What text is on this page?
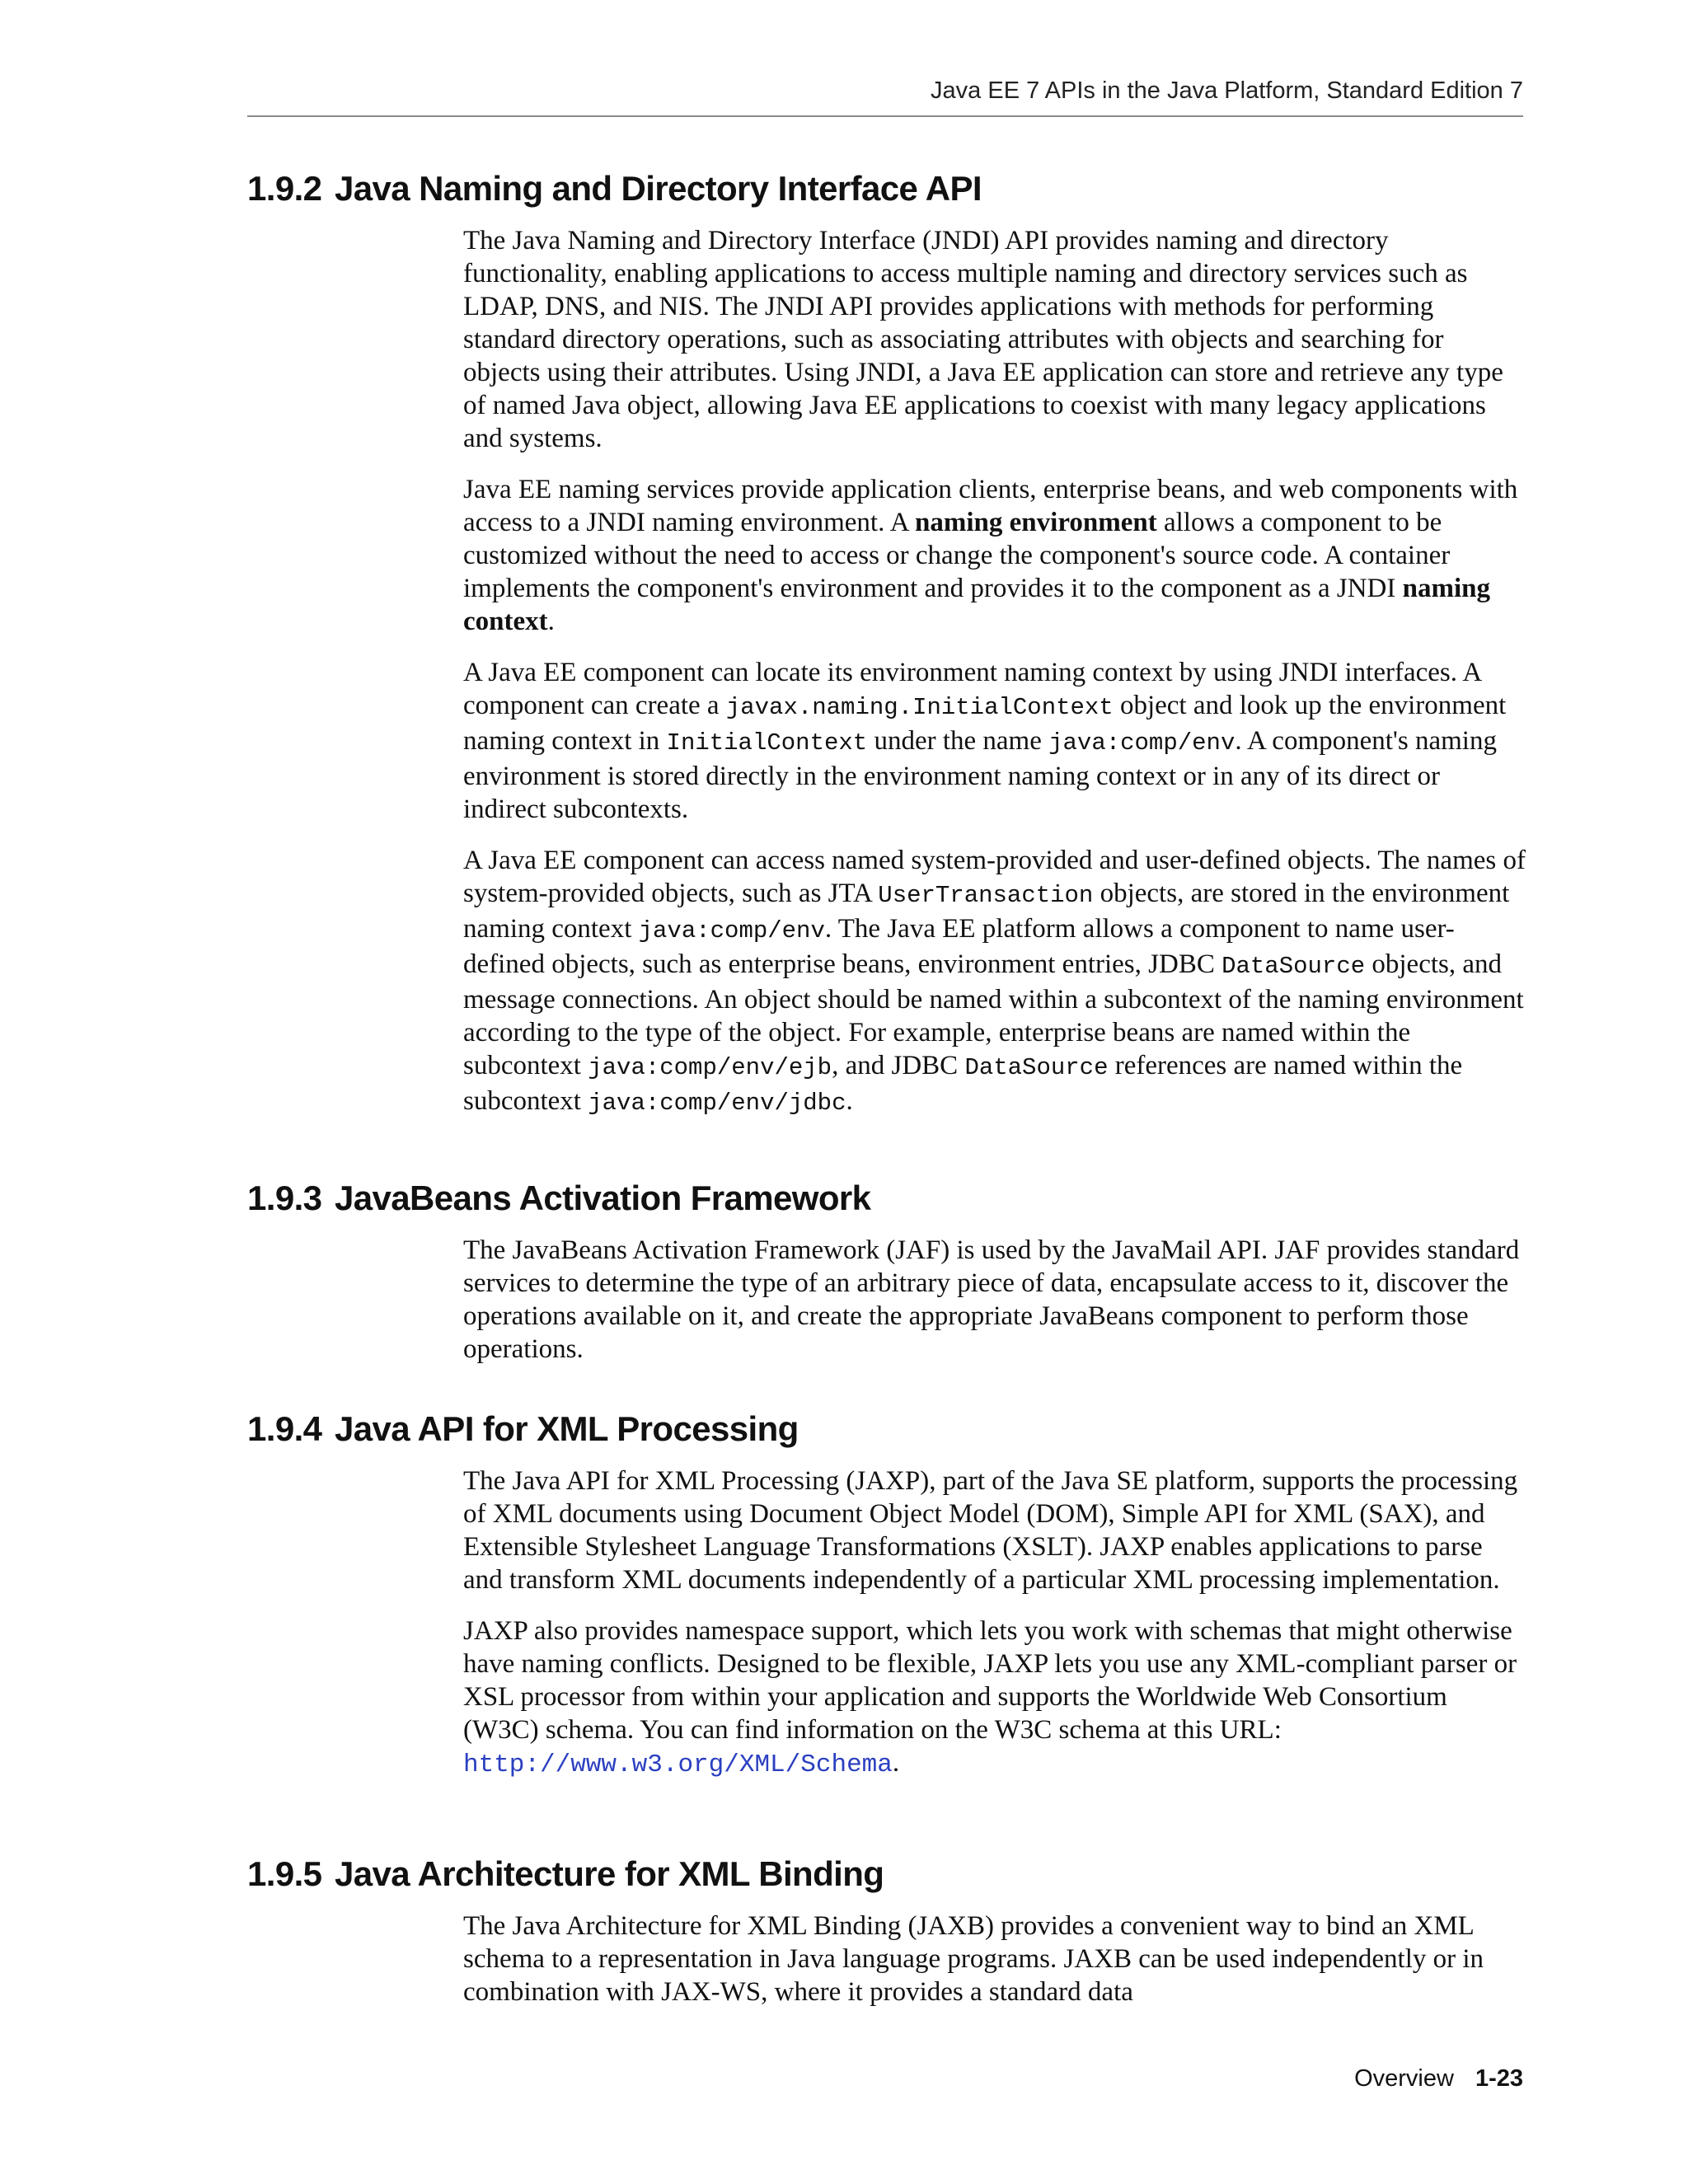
Java EE 7 APIs in the Java Platform, Standard Edition 7
1.9.2 Java Naming and Directory Interface API

The Java Naming and Directory Interface (JNDI) API provides naming and directory functionality, enabling applications to access multiple naming and directory services such as LDAP, DNS, and NIS. The JNDI API provides applications with methods for performing standard directory operations, such as associating attributes with objects and searching for objects using their attributes. Using JNDI, a Java EE application can store and retrieve any type of named Java object, allowing Java EE applications to coexist with many legacy applications and systems.

Java EE naming services provide application clients, enterprise beans, and web components with access to a JNDI naming environment. A naming environment allows a component to be customized without the need to access or change the component's source code. A container implements the component's environment and provides it to the component as a JNDI naming context.

A Java EE component can locate its environment naming context by using JNDI interfaces. A component can create a javax.naming.InitialContext object and look up the environment naming context in InitialContext under the name java:comp/env. A component's naming environment is stored directly in the environment naming context or in any of its direct or indirect subcontexts.

A Java EE component can access named system-provided and user-defined objects. The names of system-provided objects, such as JTA UserTransaction objects, are stored in the environment naming context java:comp/env. The Java EE platform allows a component to name user-defined objects, such as enterprise beans, environment entries, JDBC DataSource objects, and message connections. An object should be named within a subcontext of the naming environment according to the type of the object. For example, enterprise beans are named within the subcontext java:comp/env/ejb, and JDBC DataSource references are named within the subcontext java:comp/env/jdbc.

1.9.3 JavaBeans Activation Framework

The JavaBeans Activation Framework (JAF) is used by the JavaMail API. JAF provides standard services to determine the type of an arbitrary piece of data, encapsulate access to it, discover the operations available on it, and create the appropriate JavaBeans component to perform those operations.

1.9.4 Java API for XML Processing

The Java API for XML Processing (JAXP), part of the Java SE platform, supports the processing of XML documents using Document Object Model (DOM), Simple API for XML (SAX), and Extensible Stylesheet Language Transformations (XSLT). JAXP enables applications to parse and transform XML documents independently of a particular XML processing implementation.

JAXP also provides namespace support, which lets you work with schemas that might otherwise have naming conflicts. Designed to be flexible, JAXP lets you use any XML-compliant parser or XSL processor from within your application and supports the Worldwide Web Consortium (W3C) schema. You can find information on the W3C schema at this URL: http://www.w3.org/XML/Schema.

1.9.5 Java Architecture for XML Binding

The Java Architecture for XML Binding (JAXB) provides a convenient way to bind an XML schema to a representation in Java language programs. JAXB can be used independently or in combination with JAX-WS, where it provides a standard data

Overview 1-23
